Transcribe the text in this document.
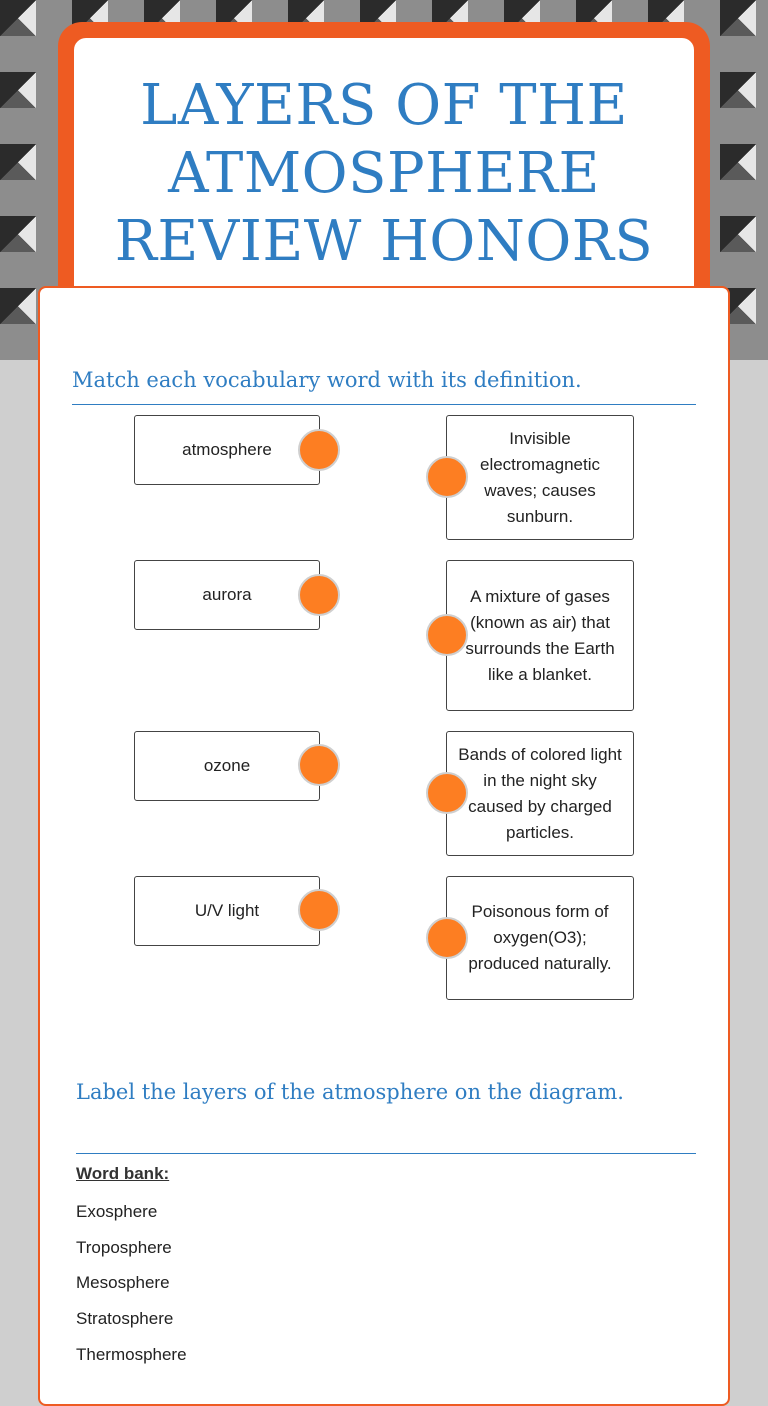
LAYERS OF THE ATMOSPHERE REVIEW HONORS
Match each vocabulary word with its definition.
atmosphere
aurora
ozone
U/V light
Invisible electromagnetic waves; causes sunburn.
A mixture of gases (known as air) that surrounds the Earth like a blanket.
Bands of colored light in the night sky caused by charged particles.
Poisonous form of oxygen(O3); produced naturally.
Label the layers of the atmosphere on the diagram.
Word bank:
Exosphere
Troposphere
Mesosphere
Stratosphere
Thermosphere
